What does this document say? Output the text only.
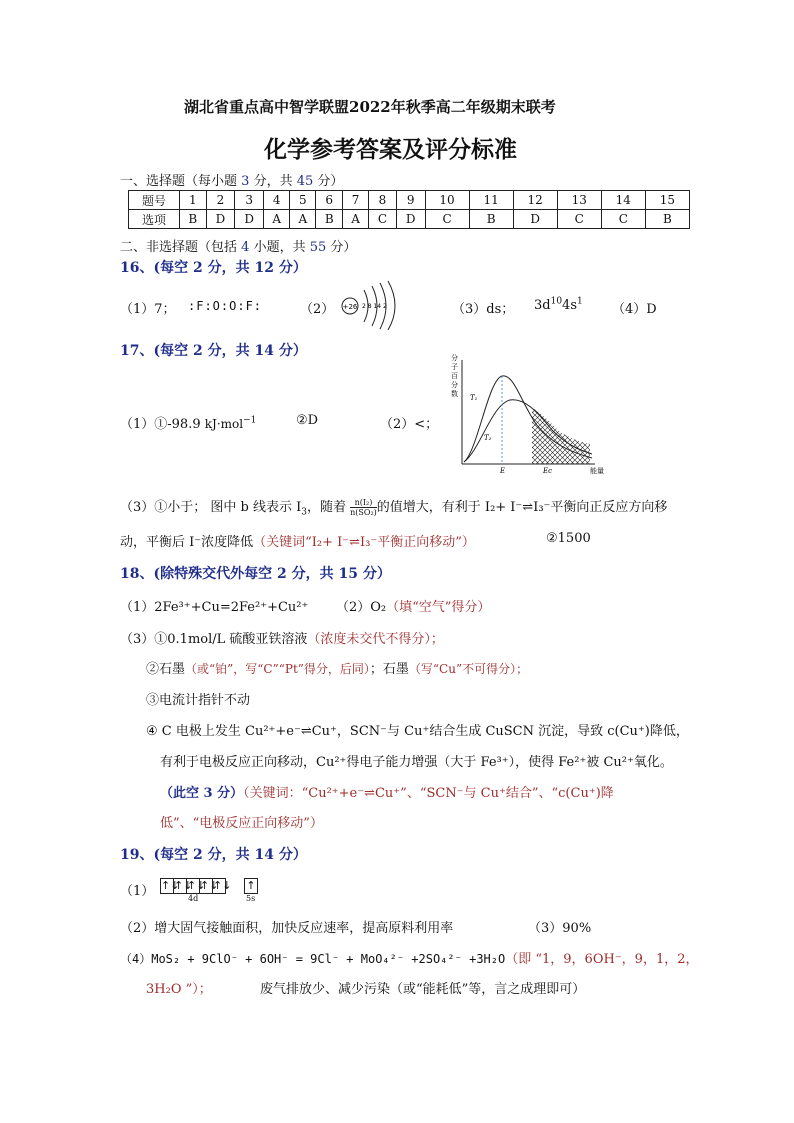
湖北省重点高中智学联盟2022年秋季高二年级期末联考
化学参考答案及评分标准
一、选择题（每小题 3 分，共 45 分）
题号	1	2	3	4	5	6	7	8	9	10	11	12	13	14	15
选项	B	D	D	A	A	B	A	C	D	C	B	D	C	C	B
二、非选择题（包括 4 小题，共 55 分）
16、(每空 2 分，共 12 分）
（1）7； :F:O:O:F:	（2） +26 2 8 14 2	（3）ds； $3d^{10}4s^1$
（4）D
17、(每空 2 分，共 14 分）
（1）①-98.9 kJ·mol$^{-1}$	②D	（2）<；
分
子
百
分
数 T₁
T₂
E	Ec	能量
（3）①小于； 图中 b 线表示 $I_3$，随着 $\frac{\text{n(I₂)}}{\text{n(SO₂)}}$ 的值增大，有利于 I₂+ I⁻⇌I₃⁻平衡向正反应方向移
动，平衡后 I⁻浓度降低（关键词“I₂+ I⁻⇌I₃⁻平衡正向移动”）	②1500
18、(除特殊交代外每空 2 分，共 15 分）
（1）2Fe³⁺+Cu=2Fe²⁺+Cu²⁺ （2）O₂（填“空气”得分）
（3）①0.1mol/L 硫酸亚铁溶液（浓度未交代不得分）；
②石墨（或“铂”，写“C”“Pt”得分，后同）；石墨（写“Cu”不可得分）；
③电流计指针不动
④ C 电极上发生 Cu²⁺+e⁻⇌Cu⁺，SCN⁻与 Cu⁺结合生成 CuSCN 沉淀，导致 c(Cu⁺)降低，
有利于电极反应正向移动，Cu²⁺得电子能力增强（大于 Fe³⁺），使得 Fe²⁺被 Cu²⁺氧化。
（此空 3 分）（关键词：“Cu²⁺+e⁻⇌Cu⁺”、“SCN⁻与 Cu⁺结合”、“c(Cu⁺)降
低”、“电极反应正向移动”）
19、(每空 2 分，共 14 分）
（1） ↑↓↑↓↑↓↑↓↑↓ ↑
4d	5s
（2）增大固气接触面积，加快反应速率，提高原料利用率	（3）90%
（4）MoS₂ + 9ClO⁻ + 6OH⁻ = 9Cl⁻ + MoO₄²⁻ +2SO₄²⁻ +3H₂O（即 “1，9，6OH⁻，9，1，2，
3H₂O ”）；	废气排放少、减少污染（或“能耗低”等，言之成理即可）
